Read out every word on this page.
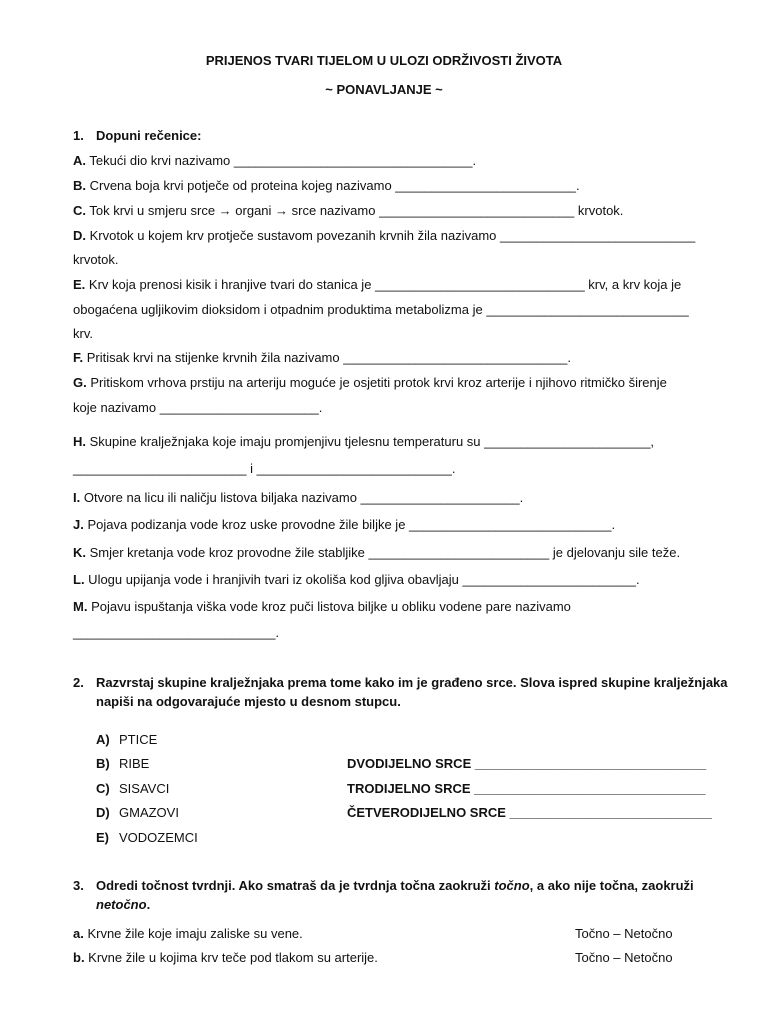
PRIJENOS TVARI TIJELOM U ULOZI ODRŽIVOSTI ŽIVOTA
~ PONAVLJANJE ~
1. Dopuni rečenice:
A. Tekući dio krvi nazivamo _________________________________.
B. Crvena boja krvi potječe od proteina kojeg nazivamo _________________________.
C. Tok krvi u smjeru srce → organi → srce nazivamo ___________________________ krvotok.
D. Krvotok u kojem krv protječe sustavom povezanih krvnih žila nazivamo ___________________________
krvotok.
E. Krv koja prenosi kisik i hranjive tvari do stanica je _____________________________ krv, a krv koja je
obogaćena ugljikovim dioksidom i otpadnim produktima metabolizma je ____________________________
krv.
F. Pritisak krvi na stijenke krvnih žila nazivamo _______________________________.
G. Pritiskom vrhova prstiju na arteriju moguće je osjetiti protok krvi kroz arterije i njihovo ritmičko širenje
koje nazivamo ______________________.
H. Skupine kralježnjaka koje imaju promjenjivu tjelesnu temperaturu su _______________________,
________________________ i ___________________________.
I. Otvore na licu ili naličju listova biljaka nazivamo ______________________.
J. Pojava podizanja vode kroz uske provodne žile biljke je ____________________________.
K. Smjer kretanja vode kroz provodne žile stabljike _________________________ je djelovanju sile teže.
L. Ulogu upijanja vode i hranjivih tvari iz okoliša kod gljiva obavljaju ________________________.
M. Pojavu ispuštanja viška vode kroz puči listova biljke u obliku vodene pare nazivamo
____________________________.
2. Razvrstaj skupine kralježnjaka prema tome kako im je građeno srce. Slova ispred skupine kralježnjaka
napiši na odgovarajuće mjesto u desnom stupcu.
A) PTICE
B) RIBE
C) SISAVCI
D) GMAZOVI
E) VODOZEMCI
DVODIJELNO SRCE ________________________________
TRODIJELNO SRCE ________________________________
ČETVERODIJELNO SRCE ____________________________
3. Odredi točnost tvrdnji. Ako smatraš da je tvrdnja točna zaokruži točno, a ako nije točna, zaokruži
netočno.
a. Krvne žile koje imaju zaliske su vene.	Točno – Netočno
b. Krvne žile u kojima krv teče pod tlakom su arterije.	Točno – Netočno
